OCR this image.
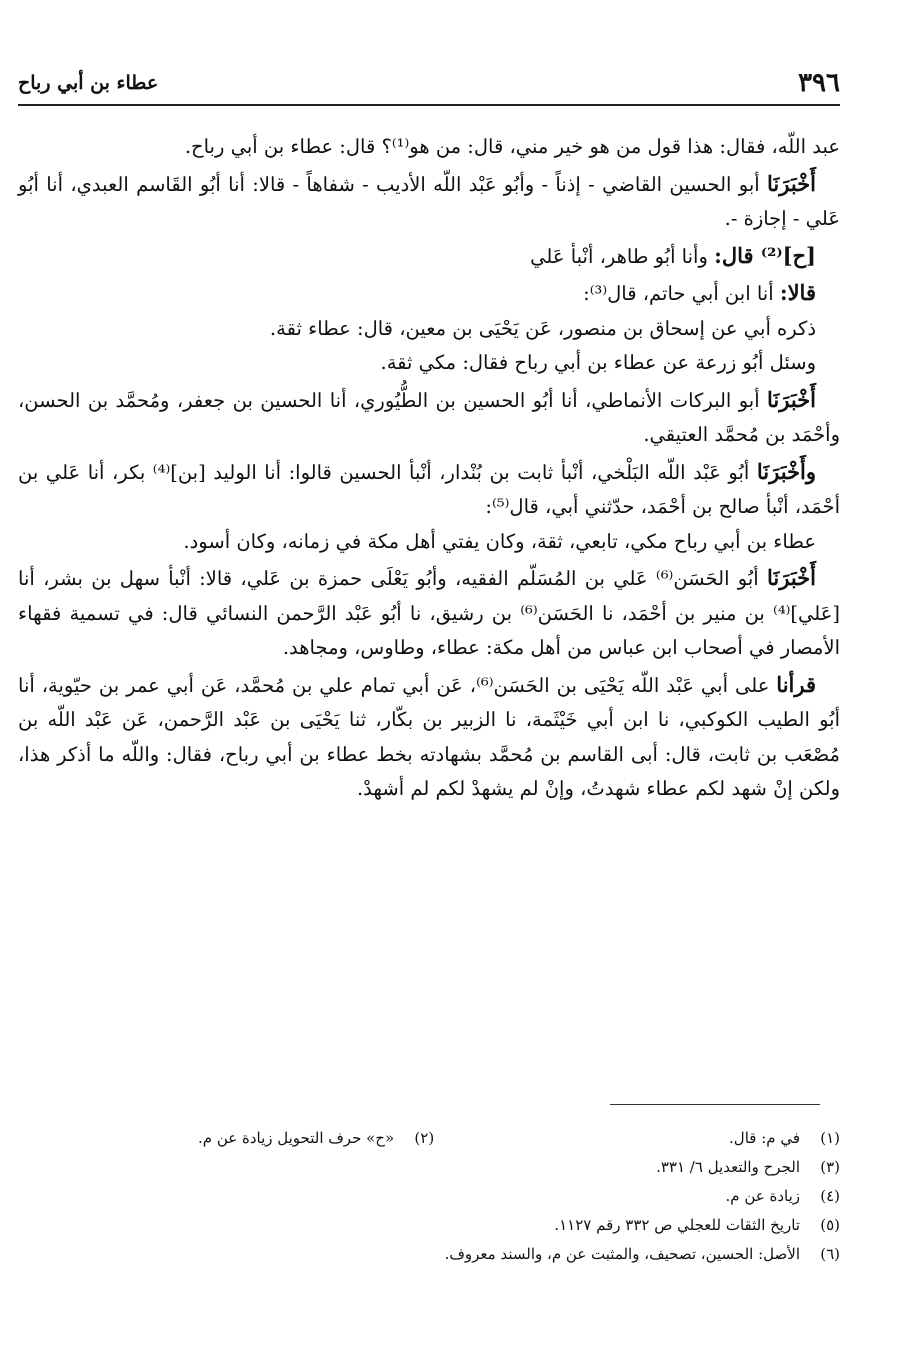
٣٩٦
عطاء بن أبي رباح

عبد اللّه، فقال: هذا قول من هو خير مني، قال: من هو⁽¹⁾؟ قال: عطاء بن أبي رباح.

أَخْبَرَنَا أبو الحسين القاضي - إذناً - وأبُو عَبْد اللّه الأديب - شفاهاً - قالا: أنا أبُو القَاسم العبدي، أنا أبُو عَلي - إجازة -.

[ح]⁽²⁾ قال: وأنا أبُو طاهر، أنْبأ عَلي

قالا: أنا ابن أبي حاتم، قال⁽³⁾:

ذكره أبي عن إسحاق بن منصور، عَن يَحْيَى بن معين، قال: عطاء ثقة.

وسئل أبُو زرعة عن عطاء بن أبي رباح فقال: مكي ثقة.

أَخْبَرَنَا أبو البركات الأنماطي، أنا أبُو الحسين بن الطُّيُوري، أنا الحسين بن جعفر، ومُحمَّد بن الحسن، وأحْمَد بن مُحمَّد العتيقي.

وأَخْبَرَنَا أبُو عَبْد اللّه البَلْخي، أنْبأ ثابت بن بُنْدار، أنْبأ الحسين قالوا: أنا الوليد [بن]⁽⁴⁾ بكر، أنا عَلي بن أحْمَد، أنْبأ صالح بن أحْمَد، حدّثني أبي، قال⁽⁵⁾:

عطاء بن أبي رباح مكي، تابعي، ثقة، وكان يفتي أهل مكة في زمانه، وكان أسود.

أَخْبَرَنَا أبُو الحَسَن⁽⁶⁾ عَلي بن المُسَلّم الفقيه، وأبُو يَعْلَى حمزة بن عَلي، قالا: أنْبأ سهل بن بشر، أنا [عَلي]⁽⁴⁾ بن منير بن أحْمَد، نا الحَسَن⁽⁶⁾ بن رشيق، نا أبُو عَبْد الرَّحمن النسائي قال: في تسمية فقهاء الأمصار في أصحاب ابن عباس من أهل مكة: عطاء، وطاوس، ومجاهد.

قرأنا على أبي عَبْد اللّه يَحْيَى بن الحَسَن⁽⁶⁾، عَن أبي تمام علي بن مُحمَّد، عَن أبي عمر بن حيّوية، أنا أبُو الطيب الكوكبي، نا ابن أبي خَيْثَمة، نا الزبير بن بكّار، ثنا يَحْيَى بن عَبْد الرَّحمن، عَن عَبْد اللّه بن مُصْعَب بن ثابت، قال: أبى القاسم بن مُحمَّد بشهادته بخط عطاء بن أبي رباح، فقال: واللّه ما أذكر هذا، ولكن إنْ شهد لكم عطاء شهدتُ، وإنْ لم يشهدْ لكم لم أشهدْ.

(١)في م: قال.
(٢)«ح» حرف التحويل زيادة عن م.
(٣)الجرح والتعديل ٦/ ٣٣١.
(٤)زيادة عن م.
(٥)تاريخ الثقات للعجلي ص ٣٣٢ رقم ١١٢٧.
(٦)الأصل: الحسين، تصحيف، والمثبت عن م، والسند معروف.
